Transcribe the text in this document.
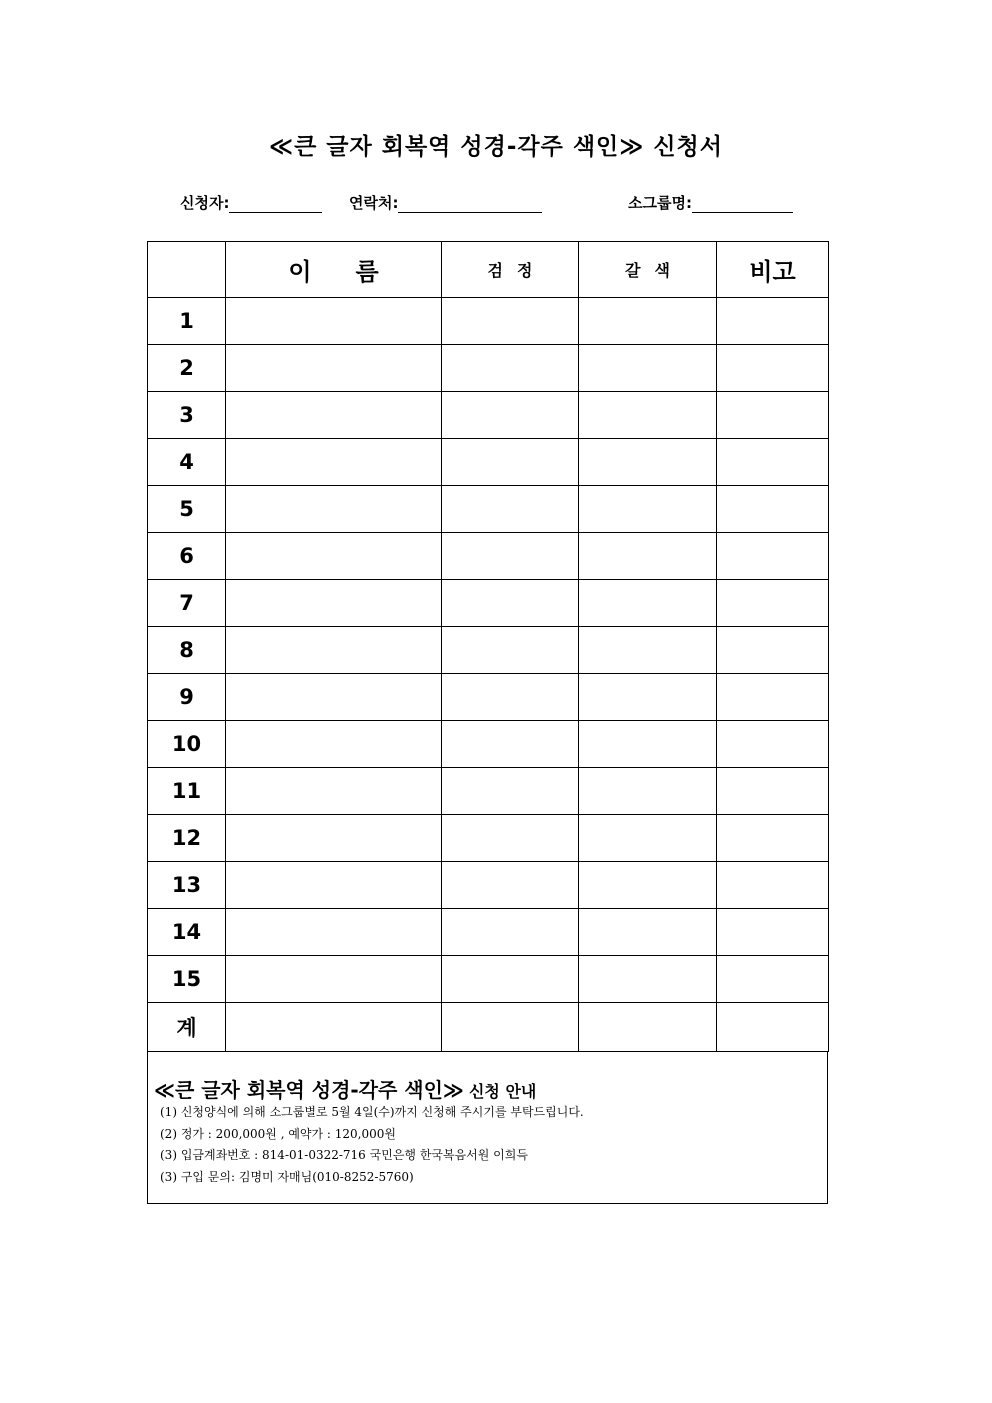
≪큰 글자 회복역 성경-각주 색인≫ 신청서
신청자:	연락처:	소그룹명:
	이름	검정	갈색	비고
1				
2				
3				
4				
5				
6				
7				
8				
9				
10				
11				
12				
13				
14				
15				
계				
≪큰 글자 회복역 성경-각주 색인≫ 신청 안내
(1) 신청양식에 의해 소그룹별로 5월 4일(수)까지 신청해 주시기를 부탁드립니다.
(2) 정가 : 200,000원 , 예약가 : 120,000원
(3) 입금계좌번호 : 814-01-0322-716 국민은행 한국복음서원 이희득
(3) 구입 문의: 김명미 자매님(010-8252-5760)
